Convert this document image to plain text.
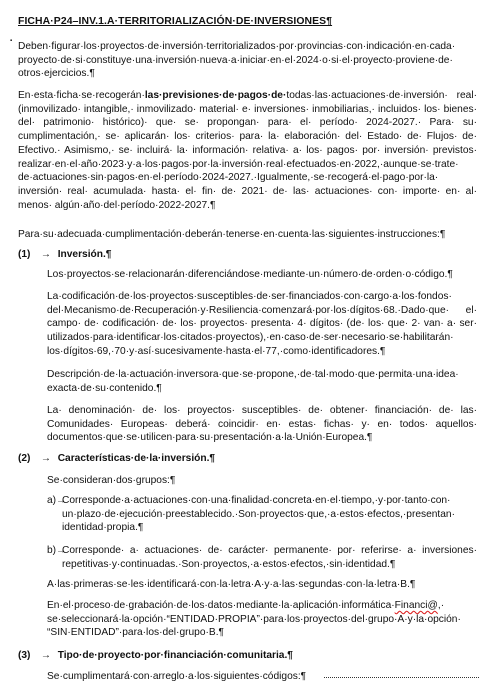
FICHA·P24–INV.1.A·TERRITORIALIZACIÓN·DE·INVERSIONES¶
▪ Deben·figurar·los·proyectos·de·inversión·territorializados·por·provincias·con·indicación·en·cada· proyecto·de·si·constituye·una·inversión·nueva·a·iniciar·en·el·2024·o·si·el·proyecto·proviene·de· otros·ejercicios.¶
En·esta·ficha·se·recogerán·las·previsiones·de·pagos·de·todas·las·actuaciones·de·inversión· real· (inmovilizado· intangible,· inmovilizado· material· e· inversiones· inmobiliarias,· incluidos· los· bienes· del· patrimonio· histórico)· que· se· propongan· para· el· período· 2024-2027.· Para· su· cumplimentación,· se· aplicarán· los· criterios· para· la· elaboración· del· Estado· de· Flujos· de· Efectivo.· Asimismo,· se· incluirá· la· información· relativa· a· los· pagos· por· inversión· previstos· realizar·en·el·año·2023·y·a·los·pagos·por·la·inversión·real·efectuados·en·2022,·aunque·se·trate· de·actuaciones·sin·pagos·en·el·período·2024-2027.·Igualmente,·se·recogerá·el·pago·por·la· inversión· real· acumulada· hasta· el· fin· de· 2021· de· las· actuaciones· con· importe· en· al· menos· algún·año·del·período·2022-2027.¶
Para·su·adecuada·cumplimentación·deberán·tenerse·en·cuenta·las·siguientes·instrucciones:¶
(1) → Inversión.¶
Los·proyectos·se·relacionarán·diferenciándose·mediante·un·número·de·orden·o·código.¶
La·codificación·de·los·proyectos·susceptibles·de·ser·financiados·con·cargo·a·los·fondos· del·Mecanismo·de·Recuperación·y·Resiliencia·comenzará·por·los·dígitos·68.·Dado·que· el· campo· de· codificación· de· los· proyectos· presenta· 4· dígitos· (de· los· que· 2· van· a· ser· utilizados·para·identificar·los·citados·proyectos),·en·caso·de·ser·necesario·se·habilitarán· los·dígitos·69,·70·y·así·sucesivamente·hasta·el·77,·como·identificadores.¶
Descripción·de·la·actuación·inversora·que·se·propone,·de·tal·modo·que·permita·una·idea· exacta·de·su·contenido.¶
La· denominación· de· los· proyectos· susceptibles· de· obtener· financiación· de· las· Comunidades· Europeas· deberá· coincidir· en· estas· fichas· y· en· todos· aquellos· documentos·que·se·utilicen·para·su·presentación·a·la·Unión·Europea.¶
(2) → Características·de·la·inversión.¶
Se·consideran·dos·grupos:¶
a)→
Corresponde·a·actuaciones·con·una·finalidad·concreta·en·el·tiempo,·y·por·tanto·con· un·plazo·de·ejecución·preestablecido.·Son·proyectos·que,·a·estos·efectos,·presentan· identidad·propia.¶
b)→
Corresponde· a· actuaciones· de· carácter· permanente· por· referirse· a· inversiones· repetitivas·y·continuadas.·Son·proyectos,·a·estos·efectos,·sin·identidad.¶
A·las·primeras·se·les·identificará·con·la·letra·A·y·a·las·segundas·con·la·letra·B.¶
En·el·proceso·de·grabación·de·los·datos·mediante·la·aplicación·informática·Financi@,· se·seleccionará·la·opción·“ENTIDAD·PROPIA”·para·los·proyectos·del·grupo·A·y·la·opción· “SIN·ENTIDAD”·para·los·del·grupo·B.¶
(3) → Tipo·de·proyecto·por·financiación·comunitaria.¶
Se·cumplimentará·con·arreglo·a·los·siguientes·códigos:¶
